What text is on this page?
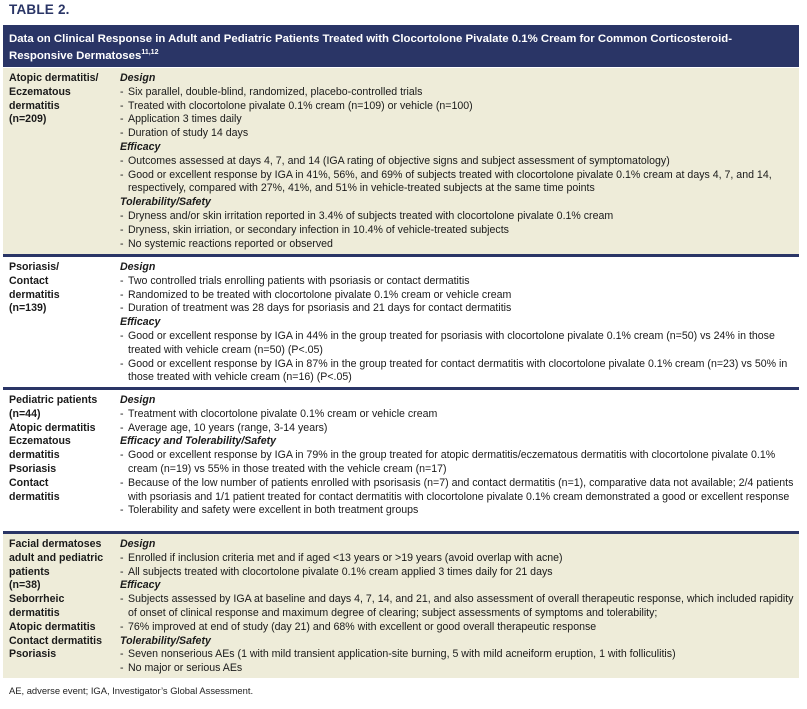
TABLE 2.
Data on Clinical Response in Adult and Pediatric Patients Treated with Clocortolone Pivalate 0.1% Cream for Common Corticosteroid-Responsive Dermatoses$^{11,12}$
Atopic dermatitis/
Eczematous
dermatitis
(n=209)
Design
- Six parallel, double-blind, randomized, placebo-controlled trials
- Treated with clocortolone pivalate 0.1% cream (n=109) or vehicle (n=100)
- Application 3 times daily
- Duration of study 14 days
Efficacy
- Outcomes assessed at days 4, 7, and 14 (IGA rating of objective signs and subject assessment of symptomatology)
- Good or excellent response by IGA in 41%, 56%, and 69% of subjects treated with clocortolone pivalate 0.1% cream at days 4, 7, and 14, respectively, compared with 27%, 41%, and 51% in vehicle-treated subjects at the same time points
Tolerability/Safety
- Dryness and/or skin irritation reported in 3.4% of subjects treated with clocortolone pivalate 0.1% cream
- Dryness, skin irriation, or secondary infection in 10.4% of vehicle-treated subjects
- No systemic reactions reported or observed
Psoriasis/
Contact
dermatitis
(n=139)
Design
- Two controlled trials enrolling patients with psoriasis or contact dermatitis
- Randomized to be treated with clocortolone pivalate 0.1% cream or vehicle cream
- Duration of treatment was 28 days for psoriasis and 21 days for contact dermatitis
Efficacy
- Good or excellent response by IGA in 44% in the group treated for psoriasis with clocortolone pivalate 0.1% cream (n=50) vs 24% in those treated with vehicle cream (n=50) (P<.05)
- Good or excellent response by IGA in 87% in the group treated for contact dermatitis with clocortolone pivalate 0.1% cream (n=23) vs 50% in those treated with vehicle cream (n=16) (P<.05)
Pediatric patients
(n=44)
Atopic dermatitis
Eczematous
dermatitis
Psoriasis
Contact
dermatitis
Design
- Treatment with clocortolone pivalate 0.1% cream or vehicle cream
- Average age, 10 years (range, 3-14 years)
Efficacy and Tolerability/Safety
- Good or excellent response by IGA in 79% in the group treated for atopic dermatitis/eczematous dermatitis with clocortolone pivalate 0.1% cream (n=19) vs 55% in those treated with the vehicle cream (n=17)
- Because of the low number of patients enrolled with psorisasis (n=7) and contact dermatitis (n=1), comparative data not available; 2/4 patients with psoriasis and 1/1 patient treated for contact dermatitis with clocortolone pivalate 0.1% cream demonstrated a good or excellent response
- Tolerability and safety were excellent in both treatment groups
Facial dermatoses
adult and pediatric
patients
(n=38)
Seborrheic
dermatitis
Atopic dermatitis
Contact dermatitis
Psoriasis
Design
- Enrolled if inclusion criteria met and if aged <13 years or >19 years (avoid overlap with acne)
- All subjects treated with clocortolone pivalate 0.1% cream applied 3 times daily for 21 days
Efficacy
- Subjects assessed by IGA at baseline and days 4, 7, 14, and 21, and also assessment of overall therapeutic response, which included rapidity of onset of clinical response and maximum degree of clearing; subject assessments of symptoms and tolerability;
- 76% improved at end of study (day 21) and 68% with excellent or good overall therapeutic response
Tolerability/Safety
- Seven nonserious AEs (1 with mild transient application-site burning, 5 with mild acneiform eruption, 1 with folliculitis)
- No major or serious AEs
AE, adverse event; IGA, Investigator’s Global Assessment.
